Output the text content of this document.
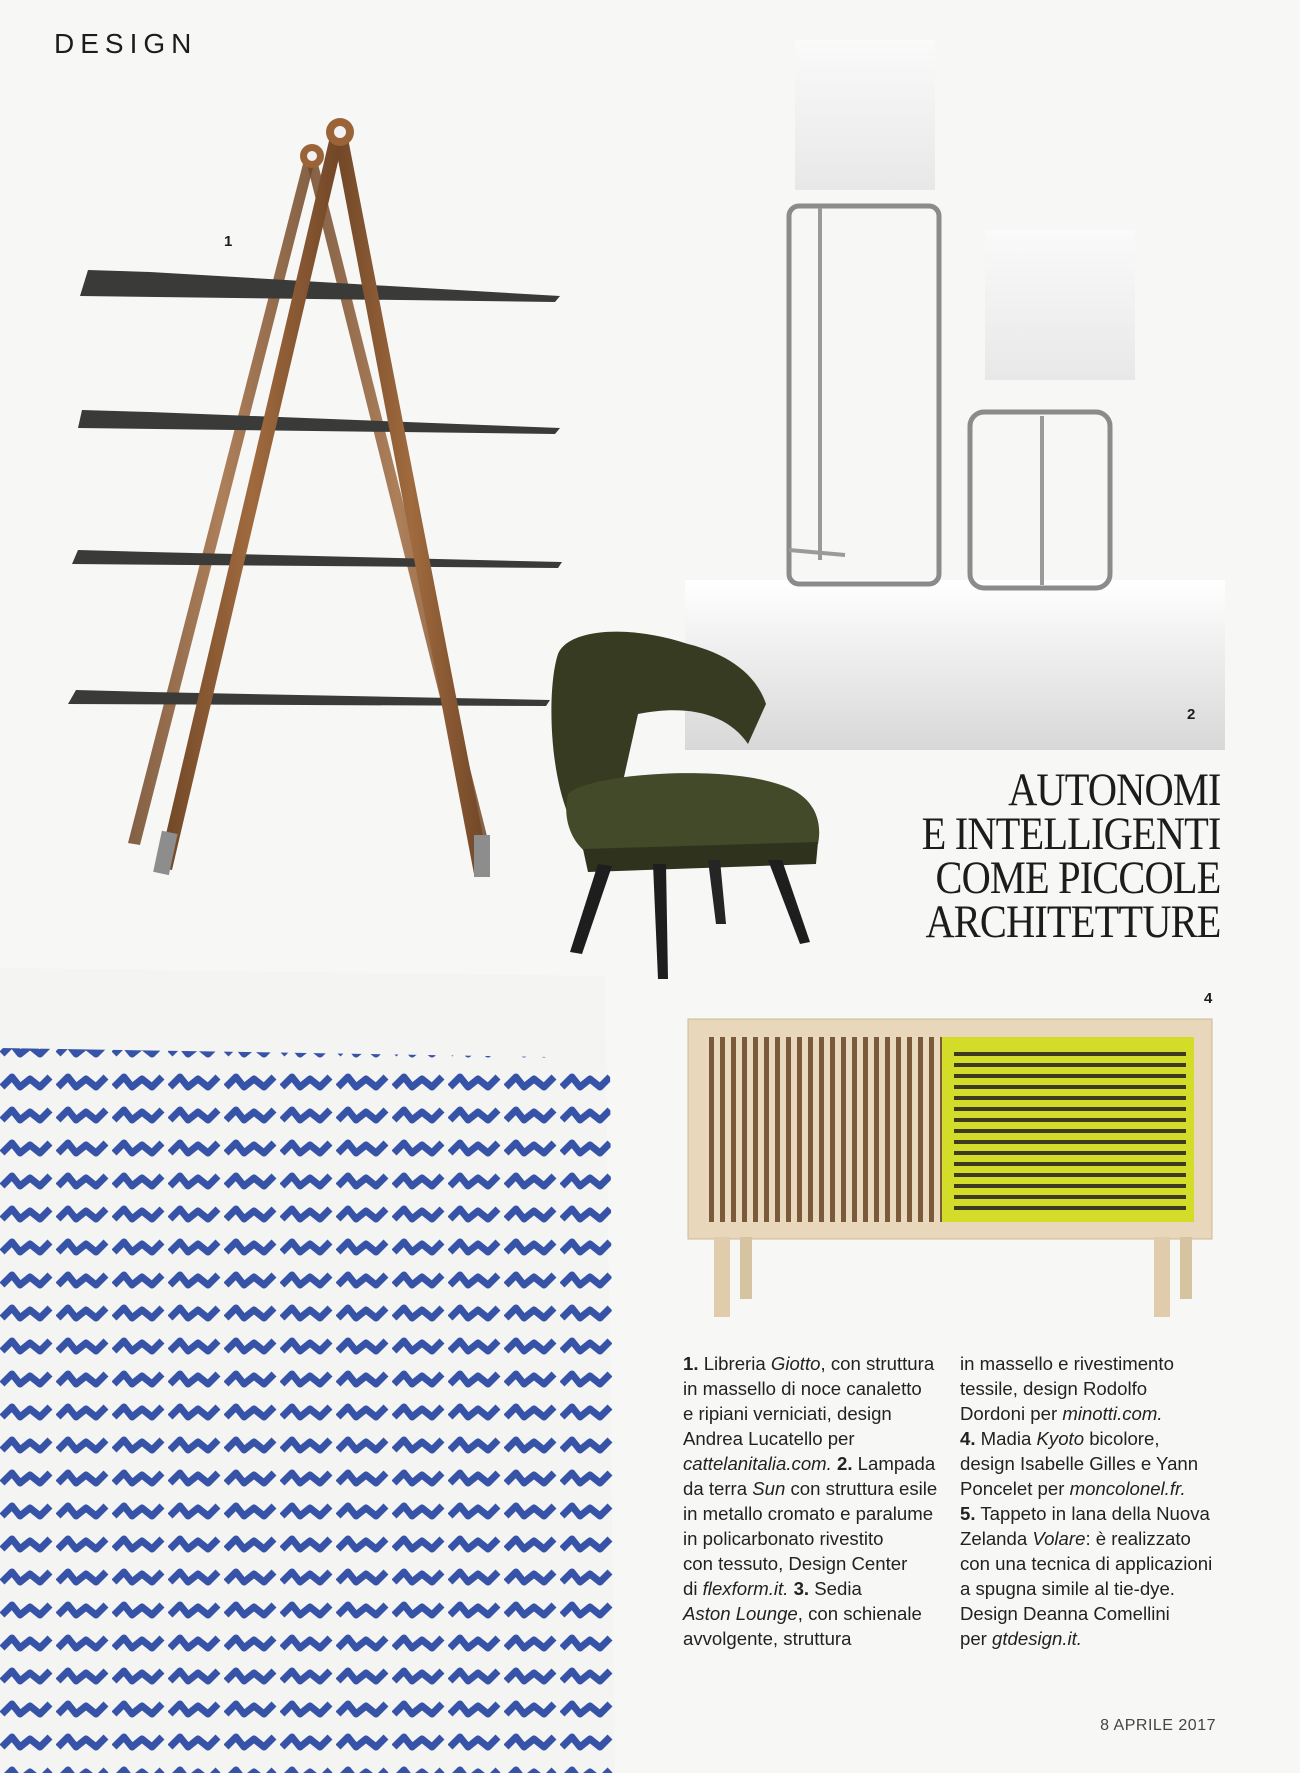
DESIGN
1
2
3
AUTONOMI
E INTELLIGENTI
COME PICCOLE
ARCHITETTURE
4
1. Libreria Giotto, con struttura
in massello di noce canaletto
e ripiani verniciati, design
Andrea Lucatello per
cattelanitalia.com. 2. Lampada
da terra Sun con struttura esile
in metallo cromato e paralume
in policarbonato rivestito
con tessuto, Design Center
di flexform.it. 3. Sedia
Aston Lounge, con schienale
avvolgente, struttura
in massello e rivestimento
tessile, design Rodolfo
Dordoni per minotti.com.
4. Madia Kyoto bicolore,
design Isabelle Gilles e Yann
Poncelet per moncolonel.fr.
5. Tappeto in lana della Nuova
Zelanda Volare: è realizzato
con una tecnica di applicazioni
a spugna simile al tie-dye.
Design Deanna Comellini
per gtdesign.it.
8 APRILE 2017
